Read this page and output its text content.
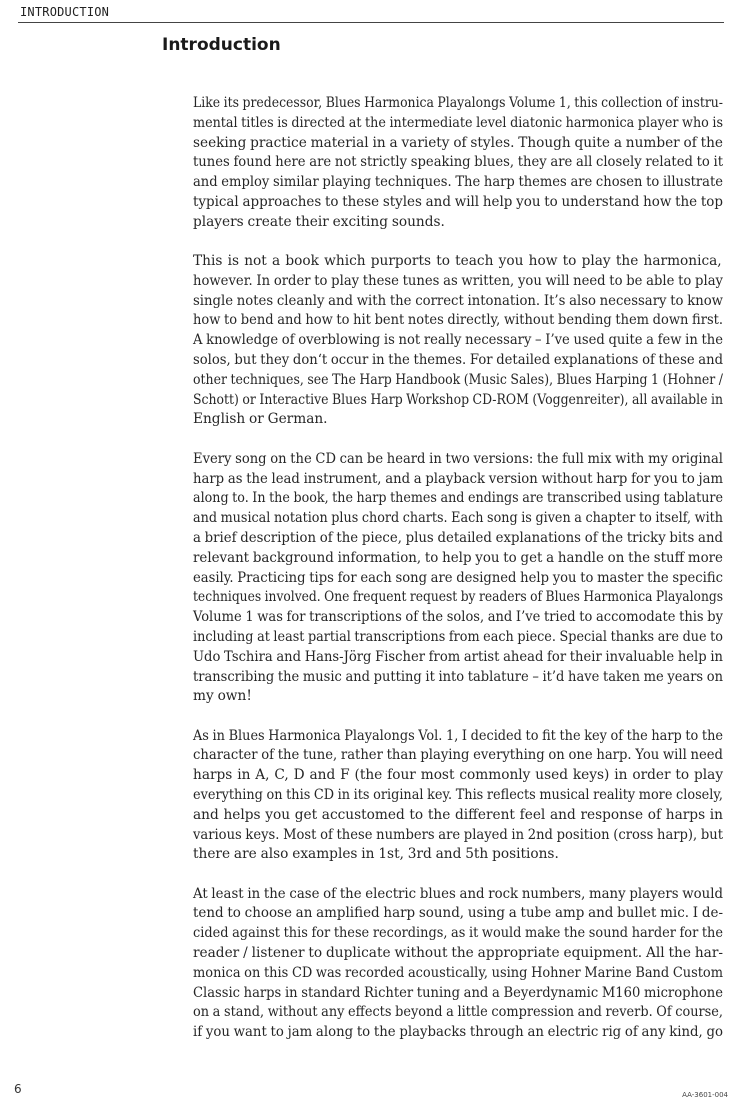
INTRODUCTION
Introduction

Like its predecessor, Blues Harmonica Playalongs Volume 1, this collection of instru-
mental titles is directed at the intermediate level diatonic harmonica player who is
seeking practice material in a variety of styles. Though quite a number of the
tunes found here are not strictly speaking blues, they are all closely related to it
and employ similar playing techniques. The harp themes are chosen to illustrate
typical approaches to these styles and will help you to understand how the top
players create their exciting sounds.

This is not a book which purports to teach you how to play the harmonica,
however. In order to play these tunes as written, you will need to be able to play
single notes cleanly and with the correct intonation. It’s also necessary to know
how to bend and how to hit bent notes directly, without bending them down first.
A knowledge of overblowing is not really necessary – I’ve used quite a few in the
solos, but they don‘t occur in the themes. For detailed explanations of these and
other techniques, see The Harp Handbook (Music Sales), Blues Harping 1 (Hohner /
Schott) or Interactive Blues Harp Workshop CD-ROM (Voggenreiter), all available in
English or German.

Every song on the CD can be heard in two versions: the full mix with my original
harp as the lead instrument, and a playback version without harp for you to jam
along to. In the book, the harp themes and endings are transcribed using tablature
and musical notation plus chord charts. Each song is given a chapter to itself, with
a brief description of the piece, plus detailed explanations of the tricky bits and
relevant background information, to help you to get a handle on the stuff more
easily. Practicing tips for each song are designed help you to master the specific
techniques involved. One frequent request by readers of Blues Harmonica Playalongs
Volume 1 was for transcriptions of the solos, and I’ve tried to accomodate this by
including at least partial transcriptions from each piece. Special thanks are due to
Udo Tschira and Hans-Jörg Fischer from artist ahead for their invaluable help in
transcribing the music and putting it into tablature – it’d have taken me years on
my own!

As in Blues Harmonica Playalongs Vol. 1, I decided to fit the key of the harp to the
character of the tune, rather than playing everything on one harp. You will need
harps in A, C, D and F (the four most commonly used keys) in order to play
everything on this CD in its original key. This reflects musical reality more closely,
and helps you get accustomed to the different feel and response of harps in
various keys. Most of these numbers are played in 2nd position (cross harp), but
there are also examples in 1st, 3rd and 5th positions.

At least in the case of the electric blues and rock numbers, many players would
tend to choose an amplified harp sound, using a tube amp and bullet mic. I de-
cided against this for these recordings, as it would make the sound harder for the
reader / listener to duplicate without the appropriate equipment. All the har-
monica on this CD was recorded acoustically, using Hohner Marine Band Custom
Classic harps in standard Richter tuning and a Beyerdynamic M160 microphone
on a stand, without any effects beyond a little compression and reverb. Of course,
if you want to jam along to the playbacks through an electric rig of any kind, go

6	AA-3601-004
